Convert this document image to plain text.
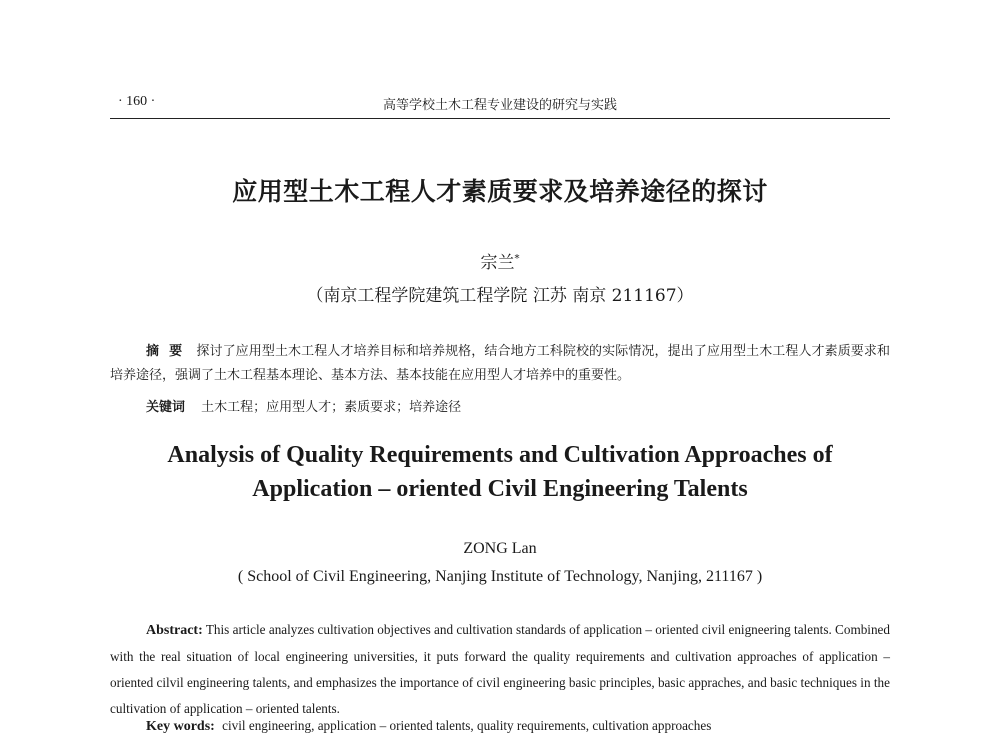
· 160 ·	高等学校土木工程专业建设的研究与实践
应用型土木工程人才素质要求及培养途径的探讨
宗兰*
（南京工程学院建筑工程学院 江苏 南京 211167）
摘要 探讨了应用型土木工程人才培养目标和培养规格，结合地方工科院校的实际情况，提出了应用型土木工程人才素质要求和培养途径，强调了土木工程基本理论、基本方法、基本技能在应用型人才培养中的重要性。
关键词 土木工程；应用型人才；素质要求；培养途径
Analysis of Quality Requirements and Cultivation Approaches of
Application – oriented Civil Engineering Talents
ZONG Lan
( School of Civil Engineering, Nanjing Institute of Technology, Nanjing, 211167 )
Abstract: This article analyzes cultivation objectives and cultivation standards of application – oriented civil enigneering talents. Combined with the real situation of local engineering universities, it puts forward the quality requirements and cultivation approaches of application – oriented cilvil engineering talents, and emphasizes the importance of civil engineering basic principles, basic appraches, and basic techniques in the cultivation of application – oriented talents.
Key words: civil engineering, application – oriented talents, quality requirements, cultivation approaches
